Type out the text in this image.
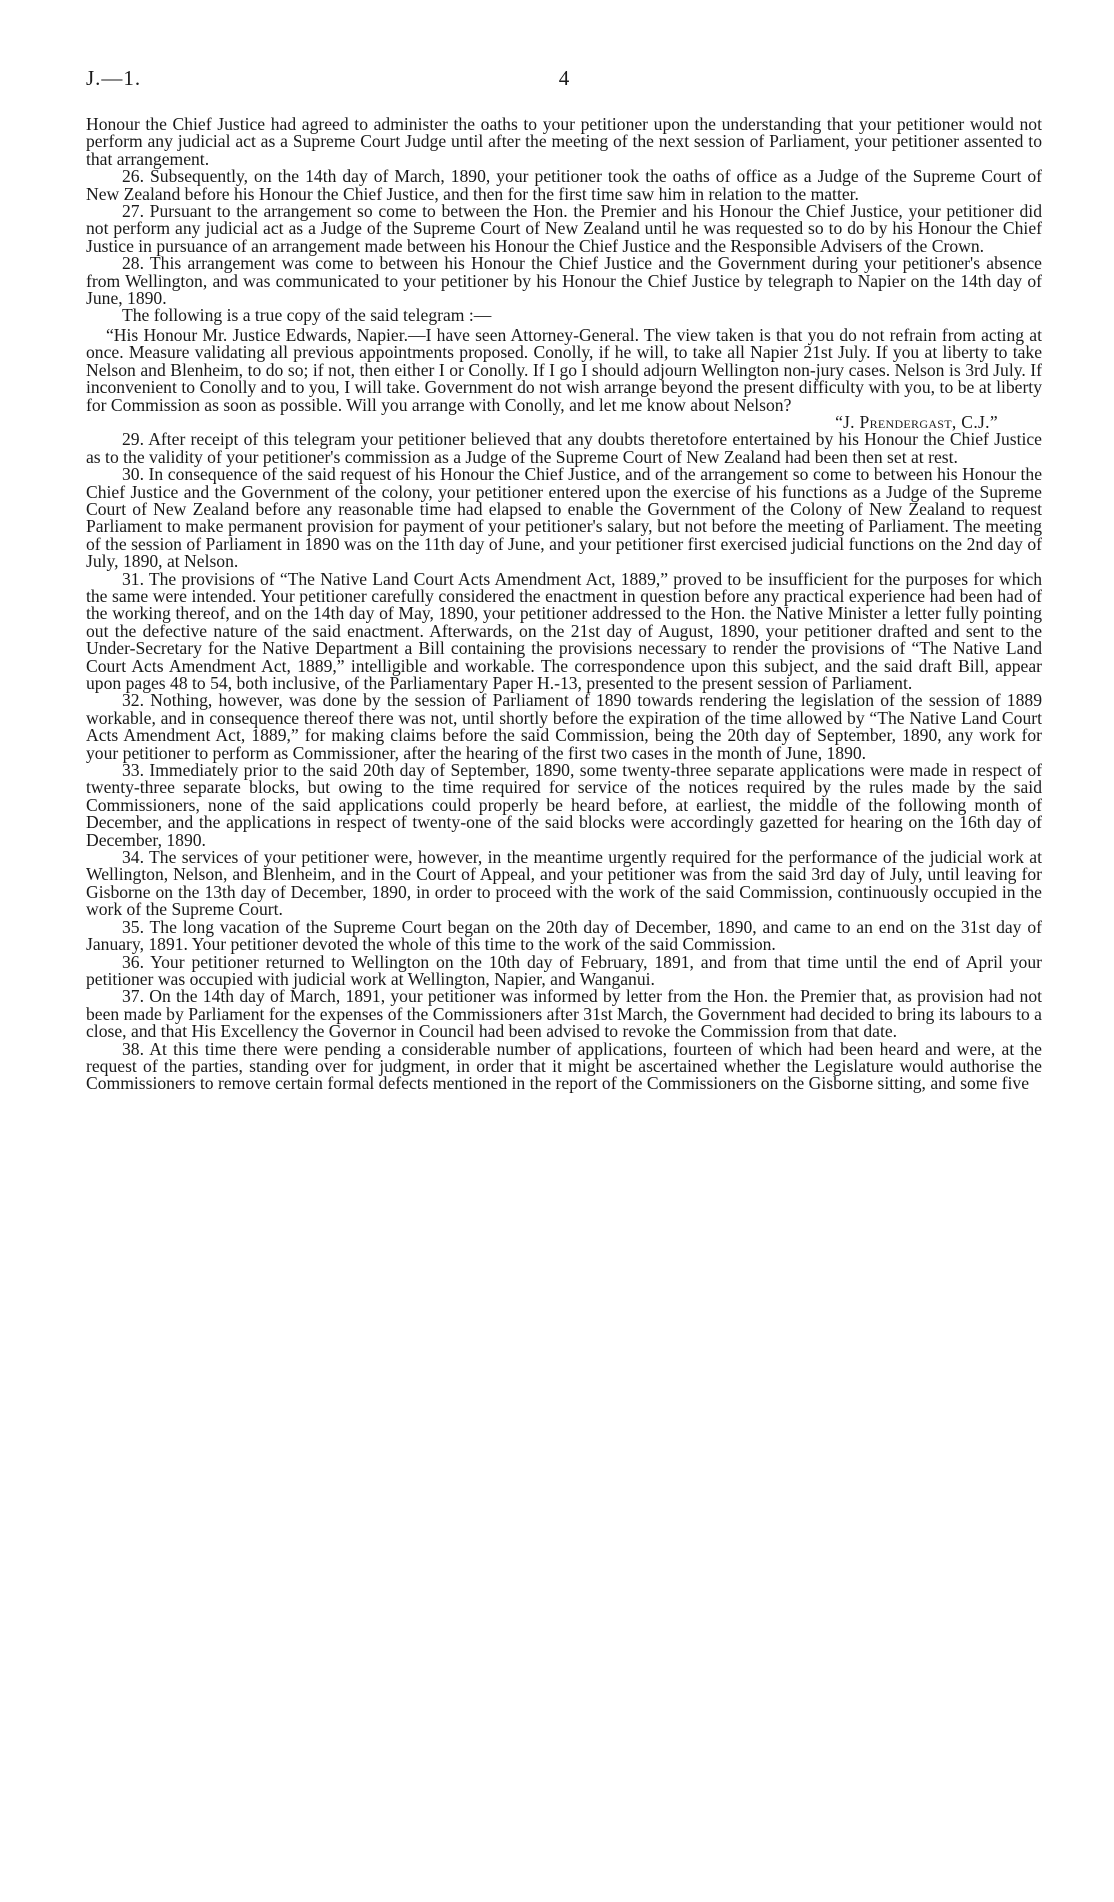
J.—1.	4

Honour the Chief Justice had agreed to administer the oaths to your petitioner upon the understanding that your petitioner would not perform any judicial act as a Supreme Court Judge until after the meeting of the next session of Parliament, your petitioner assented to that arrangement.

26. Subsequently, on the 14th day of March, 1890, your petitioner took the oaths of office as a Judge of the Supreme Court of New Zealand before his Honour the Chief Justice, and then for the first time saw him in relation to the matter.

27. Pursuant to the arrangement so come to between the Hon. the Premier and his Honour the Chief Justice, your petitioner did not perform any judicial act as a Judge of the Supreme Court of New Zealand until he was requested so to do by his Honour the Chief Justice in pursuance of an arrangement made between his Honour the Chief Justice and the Responsible Advisers of the Crown.

28. This arrangement was come to between his Honour the Chief Justice and the Government during your petitioner's absence from Wellington, and was communicated to your petitioner by his Honour the Chief Justice by telegraph to Napier on the 14th day of June, 1890.

The following is a true copy of the said telegram :—

“His Honour Mr. Justice Edwards, Napier.—I have seen Attorney-General. The view taken is that you do not refrain from acting at once. Measure validating all previous appointments proposed. Conolly, if he will, to take all Napier 21st July. If you at liberty to take Nelson and Blenheim, to do so; if not, then either I or Conolly. If I go I should adjourn Wellington non-jury cases. Nelson is 3rd July. If inconvenient to Conolly and to you, I will take. Government do not wish arrange beyond the present difficulty with you, to be at liberty for Commission as soon as possible. Will you arrange with Conolly, and let me know about Nelson?

“J. Prendergast, C.J.”

29. After receipt of this telegram your petitioner believed that any doubts theretofore entertained by his Honour the Chief Justice as to the validity of your petitioner's commission as a Judge of the Supreme Court of New Zealand had been then set at rest.

30. In consequence of the said request of his Honour the Chief Justice, and of the arrangement so come to between his Honour the Chief Justice and the Government of the colony, your petitioner entered upon the exercise of his functions as a Judge of the Supreme Court of New Zealand before any reasonable time had elapsed to enable the Government of the Colony of New Zealand to request Parliament to make permanent provision for payment of your petitioner's salary, but not before the meeting of Parliament. The meeting of the session of Parliament in 1890 was on the 11th day of June, and your petitioner first exercised judicial functions on the 2nd day of July, 1890, at Nelson.

31. The provisions of “The Native Land Court Acts Amendment Act, 1889,” proved to be insufficient for the purposes for which the same were intended. Your petitioner carefully considered the enactment in question before any practical experience had been had of the working thereof, and on the 14th day of May, 1890, your petitioner addressed to the Hon. the Native Minister a letter fully pointing out the defective nature of the said enactment. Afterwards, on the 21st day of August, 1890, your petitioner drafted and sent to the Under-Secretary for the Native Department a Bill containing the provisions necessary to render the provisions of “The Native Land Court Acts Amendment Act, 1889,” intelligible and workable. The correspondence upon this subject, and the said draft Bill, appear upon pages 48 to 54, both inclusive, of the Parliamentary Paper H.-13, presented to the present session of Parliament.

32. Nothing, however, was done by the session of Parliament of 1890 towards rendering the legislation of the session of 1889 workable, and in consequence thereof there was not, until shortly before the expiration of the time allowed by “The Native Land Court Acts Amendment Act, 1889,” for making claims before the said Commission, being the 20th day of September, 1890, any work for your petitioner to perform as Commissioner, after the hearing of the first two cases in the month of June, 1890.

33. Immediately prior to the said 20th day of September, 1890, some twenty-three separate applications were made in respect of twenty-three separate blocks, but owing to the time required for service of the notices required by the rules made by the said Commissioners, none of the said applications could properly be heard before, at earliest, the middle of the following month of December, and the applications in respect of twenty-one of the said blocks were accordingly gazetted for hearing on the 16th day of December, 1890.

34. The services of your petitioner were, however, in the meantime urgently required for the performance of the judicial work at Wellington, Nelson, and Blenheim, and in the Court of Appeal, and your petitioner was from the said 3rd day of July, until leaving for Gisborne on the 13th day of December, 1890, in order to proceed with the work of the said Commission, continuously occupied in the work of the Supreme Court.

35. The long vacation of the Supreme Court began on the 20th day of December, 1890, and came to an end on the 31st day of January, 1891. Your petitioner devoted the whole of this time to the work of the said Commission.

36. Your petitioner returned to Wellington on the 10th day of February, 1891, and from that time until the end of April your petitioner was occupied with judicial work at Wellington, Napier, and Wanganui.

37. On the 14th day of March, 1891, your petitioner was informed by letter from the Hon. the Premier that, as provision had not been made by Parliament for the expenses of the Commissioners after 31st March, the Government had decided to bring its labours to a close, and that His Excellency the Governor in Council had been advised to revoke the Commission from that date.

38. At this time there were pending a considerable number of applications, fourteen of which had been heard and were, at the request of the parties, standing over for judgment, in order that it might be ascertained whether the Legislature would authorise the Commissioners to remove certain formal defects mentioned in the report of the Commissioners on the Gisborne sitting, and some five
